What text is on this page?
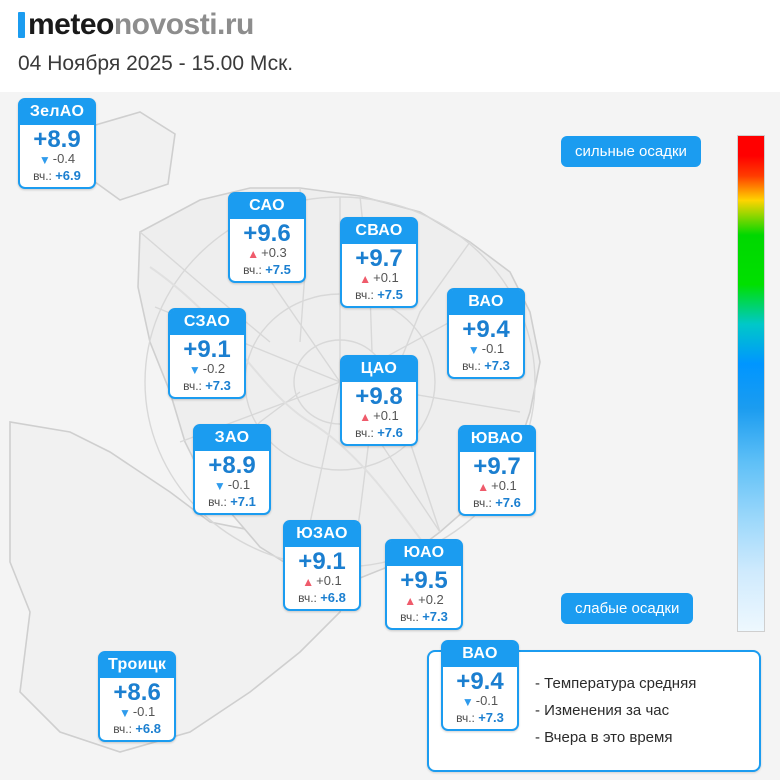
meteonovosti.ru
04 Ноября 2025 - 15.00 Мск.
сильные осадки
слабые осадки
ЗелАО
+8.9
▼ -0.4
вч.: +6.9
САО
+9.6
▲ +0.3
вч.: +7.5
СВАО
+9.7
▲ +0.1
вч.: +7.5	ВАО
+9.4
▼ -0.1
вч.: +7.3
СЗАО
+9.1
▼ -0.2
вч.: +7.3
ЦАО
+9.8
▲ +0.1
вч.: +7.6
ЗАО
+8.9
▼ -0.1
вч.: +7.1
ЮВАО
+9.7
▲ +0.1
вч.: +7.6
ЮЗАО
+9.1
▲ +0.1
вч.: +6.8
ЮАО
+9.5
▲ +0.2
вч.: +7.3
Троицк
+8.6
▼ -0.1
вч.: +6.8
ВАО
+9.4
▼ -0.1
вч.: +7.3
- Температура средняя
- Изменения за час
- Вчера в это время
